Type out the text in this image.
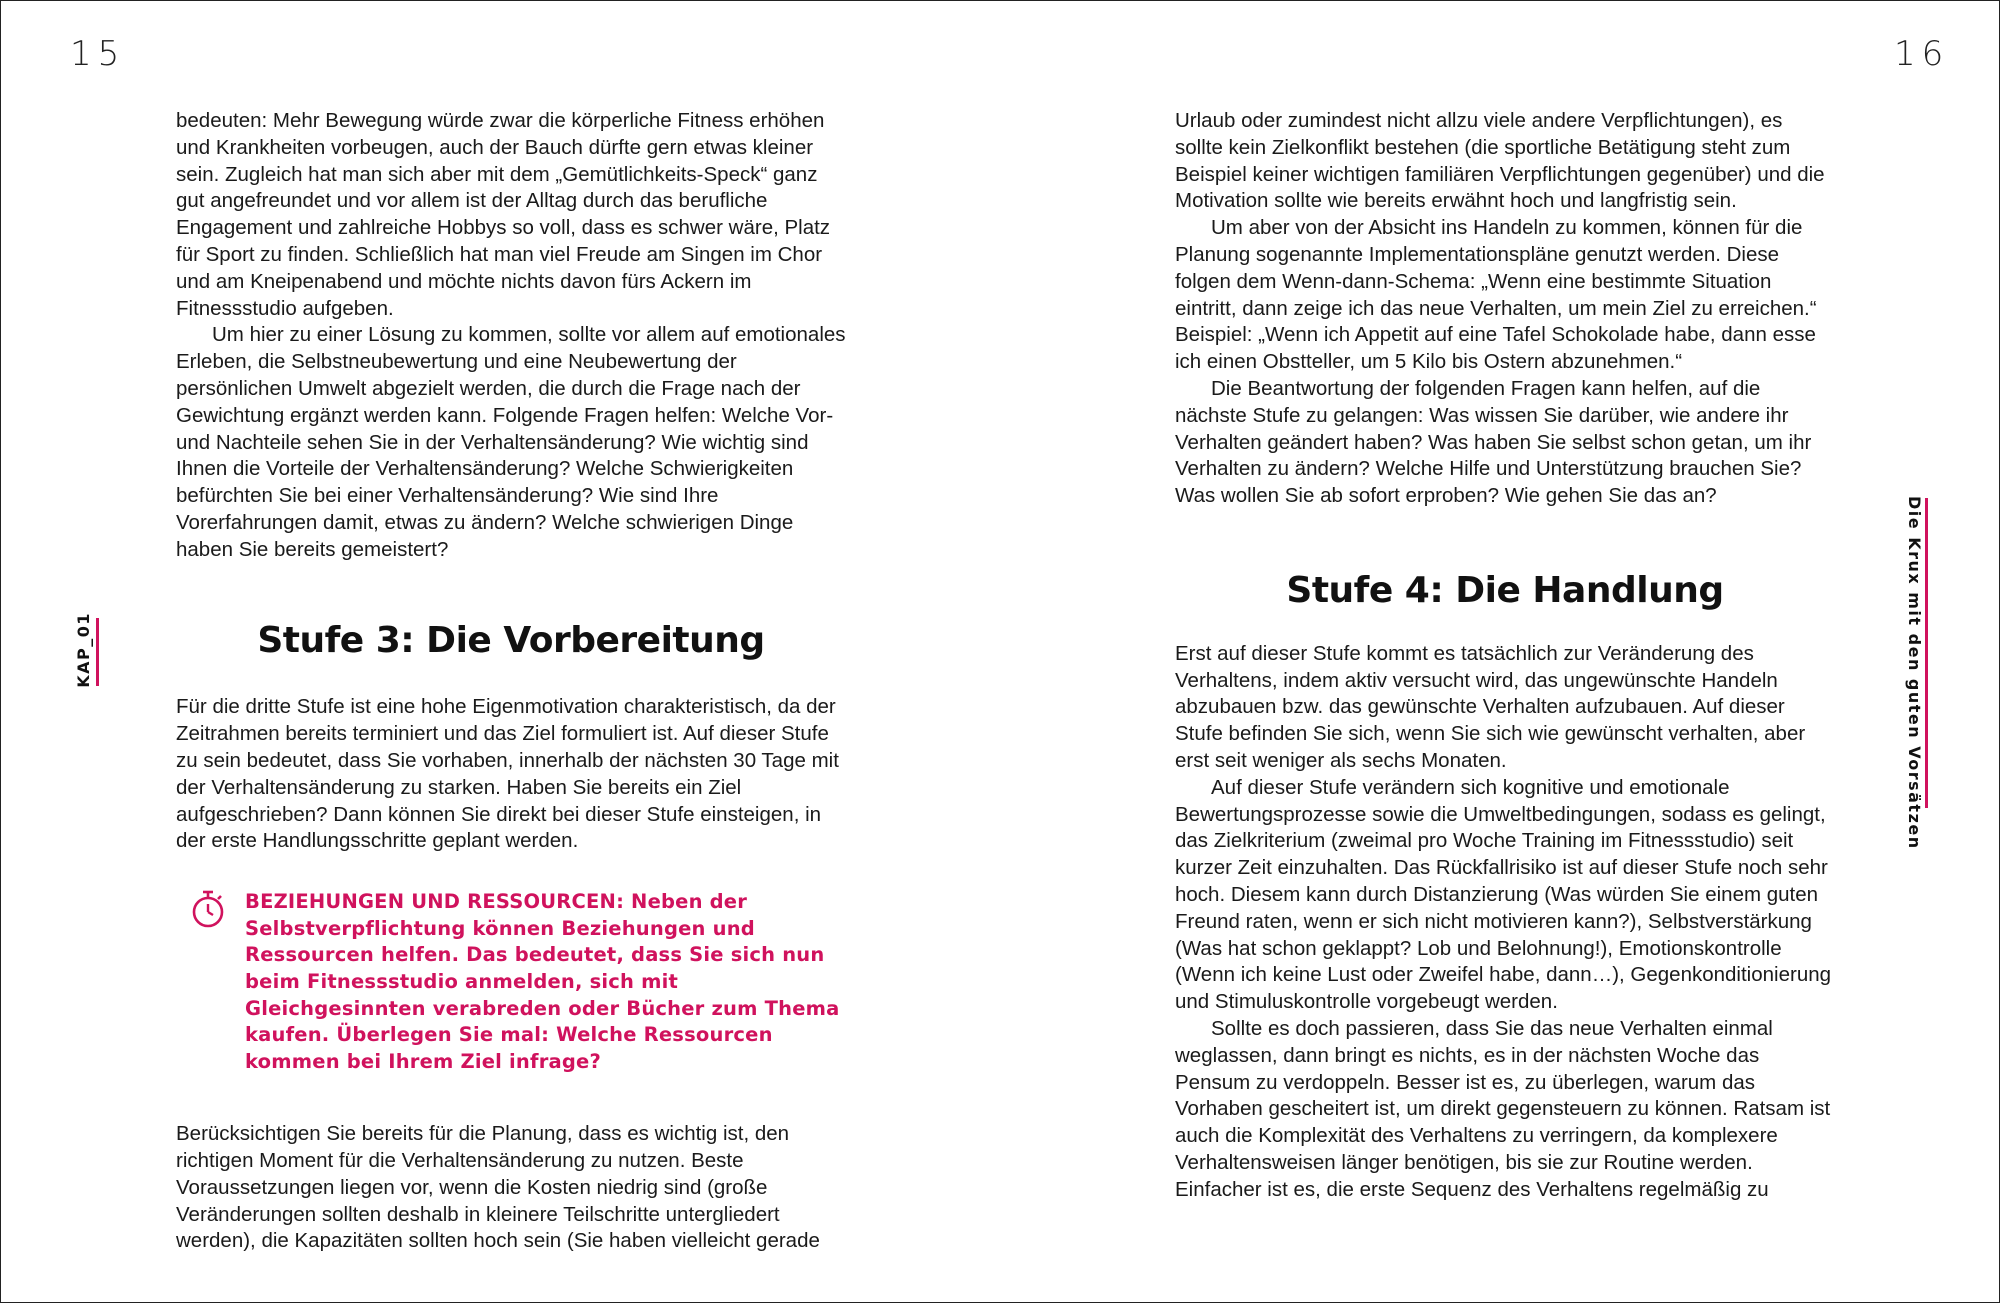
15
KAP_01

bedeuten: Mehr Bewegung würde zwar die körperliche Fitness erhöhen und Krankheiten vorbeugen, auch der Bauch dürfte gern etwas kleiner sein. Zugleich hat man sich aber mit dem „Gemütlichkeits-Speck“ ganz gut angefreundet und vor allem ist der Alltag durch das berufliche Engagement und zahlreiche Hobbys so voll, dass es schwer wäre, Platz für Sport zu finden. Schließlich hat man viel Freude am Singen im Chor und am Kneipenabend und möchte nichts davon fürs Ackern im Fitnessstudio aufgeben.

Um hier zu einer Lösung zu kommen, sollte vor allem auf emotionales Erleben, die Selbstneubewertung und eine Neubewertung der persönlichen Umwelt abgezielt werden, die durch die Frage nach der Gewichtung ergänzt werden kann. Folgende Fragen helfen: Welche Vor- und Nachteile sehen Sie in der Verhaltensänderung? Wie wichtig sind Ihnen die Vorteile der Verhaltensänderung? Welche Schwierigkeiten befürchten Sie bei einer Verhaltensänderung? Wie sind Ihre Vorerfahrungen damit, etwas zu ändern? Welche schwierigen Dinge haben Sie bereits gemeistert?

Stufe 3: Die Vorbereitung

Für die dritte Stufe ist eine hohe Eigenmotivation charakteristisch, da der Zeitrahmen bereits terminiert und das Ziel formuliert ist. Auf dieser Stufe zu sein bedeutet, dass Sie vorhaben, innerhalb der nächsten 30 Tage mit der Verhaltensänderung zu starken. Haben Sie bereits ein Ziel aufgeschrieben? Dann können Sie direkt bei dieser Stufe einsteigen, in der erste Handlungsschritte geplant werden.

BEZIEHUNGEN UND RESSOURCEN: Neben der Selbstverpflichtung können Beziehungen und Ressourcen helfen. Das bedeutet, dass Sie sich nun beim Fitnessstudio anmelden, sich mit Gleichgesinnten verabreden oder Bücher zum Thema kaufen. Überlegen Sie mal: Welche Ressourcen kommen bei Ihrem Ziel infrage?

Berücksichtigen Sie bereits für die Planung, dass es wichtig ist, den richtigen Moment für die Verhaltensänderung zu nutzen. Beste Voraussetzungen liegen vor, wenn die Kosten niedrig sind (große Veränderungen sollten deshalb in kleinere Teilschritte untergliedert werden), die Kapazitäten sollten hoch sein (Sie haben vielleicht gerade

16
Die Krux mit den guten Vorsätzen

Urlaub oder zumindest nicht allzu viele andere Verpflichtungen), es sollte kein Zielkonflikt bestehen (die sportliche Betätigung steht zum Beispiel keiner wichtigen familiären Verpflichtungen gegenüber) und die Motivation sollte wie bereits erwähnt hoch und langfristig sein.

Um aber von der Absicht ins Handeln zu kommen, können für die Planung sogenannte Implementationspläne genutzt werden. Diese folgen dem Wenn-dann-Schema: „Wenn eine bestimmte Situation eintritt, dann zeige ich das neue Verhalten, um mein Ziel zu erreichen.“ Beispiel: „Wenn ich Appetit auf eine Tafel Schokolade habe, dann esse ich einen Obstteller, um 5 Kilo bis Ostern abzunehmen.“

Die Beantwortung der folgenden Fragen kann helfen, auf die nächste Stufe zu gelangen: Was wissen Sie darüber, wie andere ihr Verhalten geändert haben? Was haben Sie selbst schon getan, um ihr Verhalten zu ändern? Welche Hilfe und Unterstützung brauchen Sie? Was wollen Sie ab sofort erproben? Wie gehen Sie das an?

Stufe 4: Die Handlung

Erst auf dieser Stufe kommt es tatsächlich zur Veränderung des Verhaltens, indem aktiv versucht wird, das ungewünschte Handeln abzubauen bzw. das gewünschte Verhalten aufzubauen. Auf dieser Stufe befinden Sie sich, wenn Sie sich wie gewünscht verhalten, aber erst seit weniger als sechs Monaten.

Auf dieser Stufe verändern sich kognitive und emotionale Bewertungsprozesse sowie die Umweltbedingungen, sodass es gelingt, das Zielkriterium (zweimal pro Woche Training im Fitnessstudio) seit kurzer Zeit einzuhalten. Das Rückfallrisiko ist auf dieser Stufe noch sehr hoch. Diesem kann durch Distanzierung (Was würden Sie einem guten Freund raten, wenn er sich nicht motivieren kann?), Selbstverstärkung (Was hat schon geklappt? Lob und Belohnung!), Emotionskontrolle (Wenn ich keine Lust oder Zweifel habe, dann…), Gegenkonditionierung und Stimuluskontrolle vorgebeugt werden.

Sollte es doch passieren, dass Sie das neue Verhalten einmal weglassen, dann bringt es nichts, es in der nächsten Woche das Pensum zu verdoppeln. Besser ist es, zu überlegen, warum das Vorhaben gescheitert ist, um direkt gegensteuern zu können. Ratsam ist auch die Komplexität des Verhaltens zu verringern, da komplexere Verhaltensweisen länger benötigen, bis sie zur Routine werden. Einfacher ist es, die erste Sequenz des Verhaltens regelmäßig zu
